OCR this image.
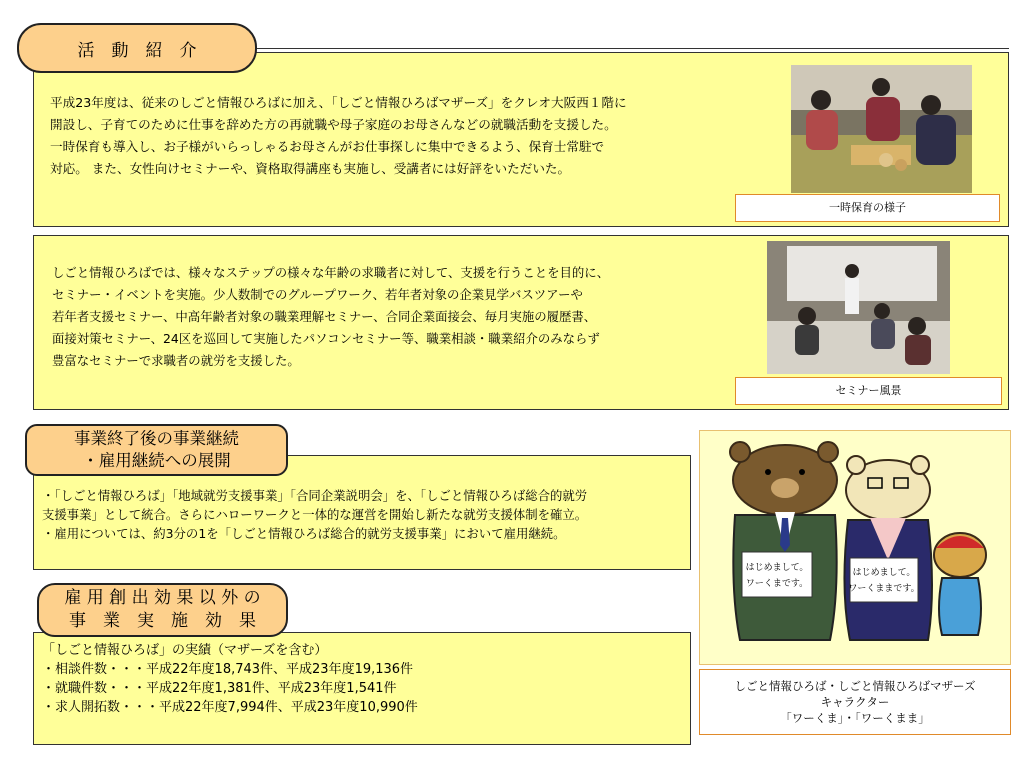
活　動　紹　介
平成23年度は、従来のしごと情報ひろばに加え、「しごと情報ひろばマザーズ」をクレオ大阪西１階に
開設し、子育てのために仕事を辞めた方の再就職や母子家庭のお母さんなどの就職活動を支援した。
一時保育も導入し、お子様がいらっしゃるお母さんがお仕事探しに集中できるよう、保育士常駐で
対応。 また、女性向けセミナーや、資格取得講座も実施し、受講者には好評をいただいた。
一時保育の様子
しごと情報ひろばでは、様々なステップの様々な年齢の求職者に対して、支援を行うことを目的に、
セミナー・イベントを実施。少人数制でのグループワーク、若年者対象の企業見学バスツアーや
若年者支援セミナー、中高年齢者対象の職業理解セミナー、合同企業面接会、毎月実施の履歴書、
面接対策セミナー、24区を巡回して実施したパソコンセミナー等、職業相談・職業紹介のみならず
豊富なセミナーで求職者の就労を支援した。
セミナー風景
事業終了後の事業継続
・雇用継続への展開
・「しごと情報ひろば」「地域就労支援事業」「合同企業説明会」を、「しごと情報ひろば総合的就労
支援事業」として統合。さらにハローワークと一体的な運営を開始し新たな就労支援体制を確立。
・雇用については、約3分の1を「しごと情報ひろば総合的就労支援事業」において雇用継続。
雇 用 創 出 効 果 以 外 の
事　業　実　施　効　果
「しごと情報ひろば」の実績（マザーズを含む）
・相談件数・・・平成22年度18,743件、平成23年度19,136件
・就職件数・・・平成22年度1,381件、平成23年度1,541件
・求人開拓数・・・平成22年度7,994件、平成23年度10,990件
はじめまして。
ワーくまです。
はじめまして。
ワーくままです。
しごと情報ひろば・しごと情報ひろばマザーズ
キャラクター
「ワーくま」・「ワーくまま」
